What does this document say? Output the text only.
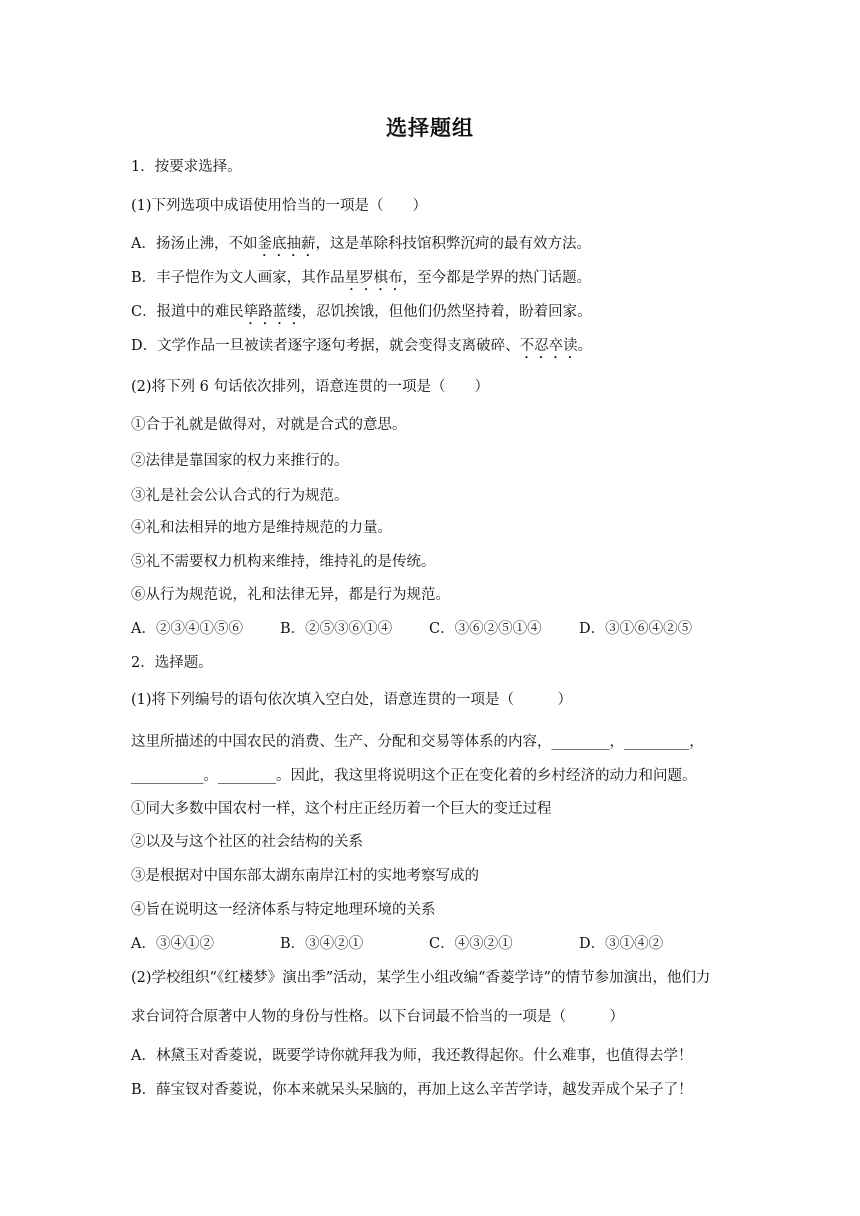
选择题组
1．按要求选择。
(1)下列选项中成语使用恰当的一项是（　　）
A．扬汤止沸，不如釜底抽薪，这是革除科技馆积弊沉疴的最有效方法。
B．丰子恺作为文人画家，其作品星罗棋布，至今都是学界的热门话题。
C．报道中的难民筚路蓝缕，忍饥挨饿，但他们仍然坚持着，盼着回家。
D．文学作品一旦被读者逐字逐句考据，就会变得支离破碎、不忍卒读。
(2)将下列 6 句话依次排列，语意连贯的一项是（　　）
①合于礼就是做得对，对就是合式的意思。
②法律是靠国家的权力来推行的。
③礼是社会公认合式的行为规范。
④礼和法相异的地方是维持规范的力量。
⑤礼不需要权力机构来维持，维持礼的是传统。
⑥从行为规范说，礼和法律无异，都是行为规范。
A．②③④①⑤⑥	B．②⑤③⑥①④	C．③⑥②⑤①④	D．③①⑥④②⑤
2．选择题。
(1)将下列编号的语句依次填入空白处，语意连贯的一项是（　　　）
这里所描述的中国农民的消费、生产、分配和交易等体系的内容，________，_________，
__________。________。因此，我这里将说明这个正在变化着的乡村经济的动力和问题。
①同大多数中国农村一样，这个村庄正经历着一个巨大的变迁过程
②以及与这个社区的社会结构的关系
③是根据对中国东部太湖东南岸江村的实地考察写成的
④旨在说明这一经济体系与特定地理环境的关系
A．③④①②	B．③④②①	C．④③②①	D．③①④②
(2)学校组织“《红楼梦》演出季”活动，某学生小组改编“香菱学诗”的情节参加演出，他们力
求台词符合原著中人物的身份与性格。以下台词最不恰当的一项是（　　　）
A．林黛玉对香菱说，既要学诗你就拜我为师，我还教得起你。什么难事，也值得去学！
B．薛宝钗对香菱说，你本来就呆头呆脑的，再加上这么辛苦学诗，越发弄成个呆子了！
